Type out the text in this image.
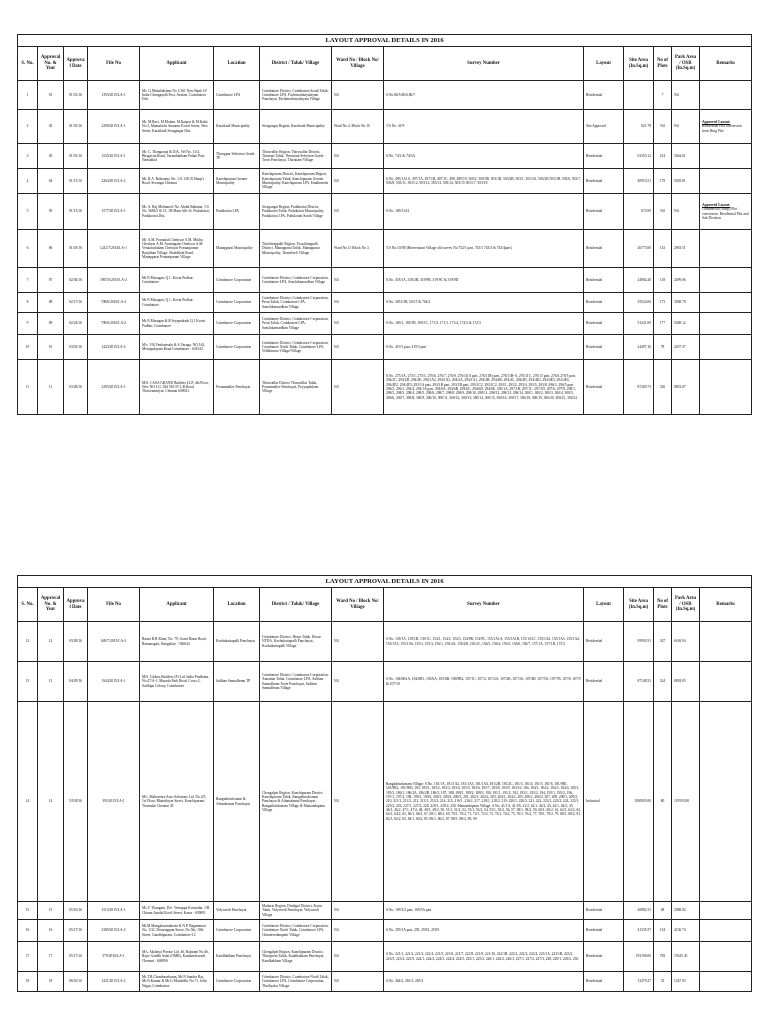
LAYOUT APPROVAL DETAILS IN 2016													
S. No.	Approval No. & Year	Approval Date	File No	Applicant	Location	District / Taluk/ Village	Ward No / Block No/ Village	Survey Number	Layout	Site Area (In.Sq.m)	No of Plots	Park Area / OSR (In.Sq.m)	Remarks
1	01	01/01/16	1393/2015/LA-1	Ms. G.Mahalakshmi No 1/161 New Bank Of India Chengapalli Post, Avinasi, Coimbatore Dist.	Coimbatore LPA	Coimbatore District, Coimbatore South Taluk, Coimbatore LPA, Pachimuthiayalayam Panchayat, Pachimuthiayalayam Village	Nil	S.No.86/5,86/6,86/7	Residential		7	Nil	

2	02	01/01/16	2299/2015/LA-1	Mr. M.Ravi, M.Mohan, M.Kaspar & M.Kalai No 2, Mamalachi Annanur Koval Street, New Street, Karaikudi Sivagangai Dist.	Karaikudi Municipality	Sivagangai Region, Karaikudi Municipality	Ward No.4, Block No.10	T.S No. 41/9	Site Approval	921.78	Nil	Nil	Approved Layout:
Residential Plot conversion from Ring Plot

3	03	01/01/16	1525/2015/LA-1	Mr. C. Thangaraja & D.K. Vel No. 11/4, Bhagavan Road, Varambakkam Palani Post, Namakkal	Thiruppur Selection Grade TP	Thiruvallur Region, Thiruvallur District, Tiruttani Taluk, Thiruttani Selection Grade Town Panchayat, Thiruttani Village	Nil	S.No. 74/2 & 74/3A	Residential	63355.12	214	5464.61	

4	04	01/13/16	2264/2015/LA-2	Mr. R.A. Balusamy No. 1/A 138, B.Sharp's Road, Sivangai Chennai	Kanchipuram Greater Municipality	Kanchipuram District, Kanchipuram Region, Kanchipuram Taluk, Kanchipuram Greater Municipality, Kanchipuram LPA, Enathimedu Village	Nil	S.No. 495/1A1A, 497/1A, 497/1B, 497/1C, 498, 499/19, 500/2, 500/3B, 503/1B, 503/2B, 503/1, 503/2A, 503/2B 503/3B, 503/6, 503/7, 503/8, 503/11, 503/12, 503/12, 503/13, 503/14, 503/15 503/17, 503/18	Residential	40953.51	179	5029.81	

5	05	01/13/16	1577/2015/LA-1	Mr. A. Raj Mohamed, No. Abdul Rahman, T.S No. 3684/3 & 13, 1B Main Alle St. Pudukottai, Pudukottai Dist.	Pudukottai LPA	Sivagangai Region, Pudukottai District, Pudukottai Taluk, Pudukottai Municipality, Pudukottai LPA, Pudukottai South Village	Nil	S.No. 109/11A2	Residential	672.00	Nil	Nil	Approved Layout:
Commercial (Shop) Plot conversion. Residential Plot and Sub Division

6	06	01/18/16	1241/7/2014/LA-1	Mr. A.M. Ponnaiah Chettiyar A.M. Muthu Chettiyar A.M. Arumugam Chettiyar A.M. Venkatachalam Chettiyar Ponnaipuram Ranjithan Village, Shoddikad Road, Manapparai Ponnaipuram Village	Manapparai Municipality	Tiruchirappalli Region, Tiruchirappalli District, Manapparai Taluk, Manapparai Municipality, Tirunelveli Village	Ward No.11 Block No.3	T.S No.10/5B (Reservation Village old survey No.752/1 part, 743/1 743/3 & 743/4part)	Residential	26773.00	133	2903.51	

7	07	02/04/16	1867/6/2015/LA-2	Mr.N.Murugan, Q.1. Kovai Pudhur, Coimbatore	Coimbatore Corporation	Coimbatore District, Coimbatore Corporation, Coimbatore LPA, Sanchikamardhan Village	Nil	S.No. 318/1A, 318/2B, 319/9B, 319/9C & 319/9D	Residential	24964.20	118	2499.06	

8	08	02/17/16	708/6/2016/LA-2	Mr.N.Murugan, Q.1. Kovai Pudhur, Coimbatore	Coimbatore Corporation	Coimbatore District, Coimbatore Corporation, Perur Taluk, Coimbatore LPA, Sanchikamardhan Village	Nil	S.No. 3051/3B, 50/15 & 704/2	Residential	35524.00	173	3508.78	

9	09	02/24/16	708/6/2016/LA-2	Mr.N.Murugan & R.Jeyaprakash Q.1 Kovai Pudhur, Coimbatore	Coimbatore Corporation	Coimbatore District, Coimbatore Corporation, Perur Taluk, Coimbatore LPA, Sanchikamardhan Village	Nil	S.No. 169/1, 169/1B, 169/1C, 171/3, 171/1, 171/4, 172/2 & 172/3	Residential	51241.00	177	5268.12	

10	10	03/01/16	1423/2015/LA-2	M/s. V.R.Venkatesalu & S.Vasuga, NO.162, Mettupalayam Road Coimbatore - 641043	Coimbatore Corporation	Coimbatore District, Coimbatore Corporation, Coimbatore North Taluk, Coimbatore LPA, Vellakinaru Village/Village	Nil	S.No. 419/1 part, 419/3 part	Residential	24497.16	78	2457.57	

11	11	03/28/16	2293/2015/LA-1	M/S. CASA GRAND Builders LLP, 4th Floor, New NO.111, Old NO.55 L.B.Road, Thiruvanmiyur, Chennai 600041	Poonamallee Panchayat	Thiruvallur District Thiruvallur Taluk, Poonamallee Panchayat, Poyyapakkam Village	Nil	S.No. 275/1A, 275/1, 275/5, 276/6, 276/7, 276/8, 276/11(A part, 276/11B) part, 276/11B-A, 276/11C, 276/13 part, 276/4 276/5 part, 294/2C, 294/2D, 294/2E, 294/1A2, 294/1A3, 294/2A, 294/1A1, 294/2B, 294/4B, 294/4C, 294/4D, 294/4E2, 294/4E3, 294/4F4, 294/4F2, 294/4F3, 293/1A part, 293/1B part, 293/1B part, 293/1C2, 293/1C2, 293/1, 293/2, 293/4, 293/5, 293/8, 296/3, 296/5 part 296/2, 296/1, 294/4, 294/1A part, 294/6A, 294/6B, 294/6C, 294/6D, 294/6E, 295/1A, 297/1B, 297/1C, 297/1D, 297/6, 297/8, 298/1, 298/2, 298/3, 298/4, 298/5, 298/6, 298/7, 298/8, 298/9, 298/10, 298/11, 298/12, 298/13, 298/14, 300/1, 300/2, 300/3, 300/4, 300/5, 300/6, 300/7, 300/8, 300/9, 300/10, 300/11, 300/12, 300/13, 300/14, 300/15, 300/16, 300/17, 300/18, 300/19, 300/20, 300/21, 300/22	Residential	87209.73	326	8853.07	
LAYOUT APPROVAL DETAILS IN 2016													
S. No.	Approval No. & Year	Approval Date	File No	Applicant	Location	District / Taluk/ Village	Ward No / Block No/ Village	Survey Number	Layout	Site Area (In.Sq.m)	No of Plots	Park Area / OSR (In.Sq.m)	Remarks
12	12	03/28/16	649/7/2015/LA-2	Ranea R.R.Khan, No. 79, Grant Bazar Road, Ramanagari, Bangalore - 560044	Kozhukattupalli Panchayat	Coimbatore District, Hosur Taluk, Hosur NTDA, Kozhukattupalli Panchayat, Kozhukattupalli Village	Nil	S.No. 139/1A, 139/1B, 139/1C, 154/1, 154/2, 154/3, 154/9B, 154/9C, 155/1A1A, 155/1A1B, 155/1A1C, 155/1A2, 155/1A3, 155/1A4, 155/1A5, 155/1A6, 155/2, 155/3, 156/1, 156/2A, 156/2B, 156/2C, 156/3, 156/4, 156/5, 156/6, 156/7, 157/1A, 157/1B, 157/2	Residential	95992.91	347	6169.94	

13	13	04/29/16	1944/2015/LA-1	M/S. Globus Builders (P) Ltd. India Pradhana, No.47/A-1, Muruda Park Road, Cross-2, Sulthipu Colony, Coimbatore	Sulthan Samudhram TP	Coimbatore District, Coimbatore Corporation, Annamar Taluk, Coimbatore LPA, Sulthan Samudhram Town Panchayat, Sulthan Samudhram Village	Nil	S.No. 104/6B1A, 104/6B1, 105/6A, 105/6B, 106/9B2, 107/1C, 107/2, 107/2A, 107/2B, 107/3A, 107/4B, 107/5A, 107/7B, 107/8, 107/9 & 107/10	Residential	87148.52	324	8818.05	

14	14	5/9/2016	393/2015/LA-1	M/s. Mahaveera Auto Solutions Ltd. No.4/5, 1st Floor, Bharathiyar Street, Kanchipuram, Tirumalai Chennai 45	Ranguthirukonam & Athanalamai Panchayat	Chengalpet Region, Kanchipuram District Kanchipuram Taluk, Rangathirukonam Panchayat & Athanalamai Panchayat, Rangathirukonam Village & Mamandapattu Village	Nil	Rangathirukonam Village: S.No. 181/1A, 181/1A2, 181/1A3, 181/1A4, 181/2B, 181/2C, 181/3, 181/4, 181/5, 181/6, 181/9B1, 181/9B2, 181/9B3, 183, 183/1, 183/2, 183/3, 183/4, 183/5, 183/6, 183/7, 183/8, 183/9, 183/10, 184, 184/1, 184/2, 184/3, 184/4, 185/1, 185/2, 186/1, 186/2A, 186/2B, 186/3, 187, 188, 189/1, 189/2, 189/3, 190, 191/1, 191/2, 192, 193/1, 193/2, 194, 195/1, 195/2, 196, 197/1, 197/2, 198, 199/1, 199/2, 200/1, 200/2, 200/3, 201, 202/1, 202/2, 203, 204/1, 204/2, 205, 206/1, 206/2, 207, 208, 209/1, 209/2, 210, 211/1, 211/2, 212, 213/1, 213/2, 214, 215, 216/1, 216/2, 217, 218/1, 218/2, 219, 220/1, 220/2, 221, 222, 223/1, 223/2, 224, 225/1, 225/2, 226, 227/1, 227/2, 228, 229/1, 229/2, 230. Mamandapattu Village: S.No. 41/1A, 41/1B, 41/2, 42/1, 42/2, 43, 44/1, 44/2, 45, 46/1, 46/2, 47/1, 47/2, 48, 49/1, 49/2, 50, 51/1, 51/2, 52, 53/1, 53/2, 54, 55/1, 55/2, 56, 57, 58/1, 58/2, 59, 60/1, 60/2, 61, 62/1, 62/2, 63, 64/1, 64/2, 65, 66/1, 66/2, 67, 68/1, 68/2, 69, 70/1, 70/2, 71, 72/1, 72/2, 73, 74/1, 74/2, 75, 76/1, 76/2, 77, 78/1, 78/2, 79, 80/1, 80/2, 81, 82/1, 82/2, 83, 84/1, 84/2, 85, 86/1, 86/2, 87, 88/1, 88/2, 89, 90	Industrial	1180905.00	80	119593.00	

15	15	05/16/16	1513/2015/LA-1	Ms.V. Thangam, D/o. Veerappa Kovundar, 1/B, Chinna Aandal Kovil Street, Karur - 639001	Vidyavedi Panchayat	Madurai Region, Dindigul District, Karur Taluk, Vidyavedi Panchayat, Vidyavedi Village	Nil	S.No. 109/3/2 part, 109/5A part	Residential	20882.53	48	2088.82	

16	16	05/17/16	2389/2015/LA-2	Mr.M.Mangalasundaram & N.P. Bagammon No. 1/32, Desariappan Street, No.5th, 10th Street, Gandhipuram, Coimbatore-12	Coimbatore Corporation	Coimbatore District, Coimbatore Corporation, Coimbatore North Taluk, Coimbatore LPA, Chinnavedampatti Village	Nil	S.No. 259/1A part, 259, 259/2, 259/3	Residential	41335.57	154	4136.74	

17	17	05/17/16	579/2016/LA-1	M/s. Akshaya Private Ltd. 46, Rajaram No.46, Rajiv Gandhi Salai (OMR), Kandanchavadi, Chennai - 600096	Kandhakkam Panchayat	Chengalpet Region, Kanchipuram District, Thiruporur Taluk, Kandhakkam Panchayat, Kandhakkam Village	Nil	S.No. 221/1, 221/2, 221/3, 221/4, 221/5, 221/6, 221/7, 221/8, 221/9, 221/10, 222/1B, 222/2, 222/3, 222/4, 223/1A, 223/1B, 223/2, 223/3, 223/4, 223/5, 224/1, 224/2, 224/3, 224/4, 224/5, 225/1, 225/2, 226/1, 226/2, 226/3, 227/1, 227/2, 227/3, 228, 229/1, 229/2, 230	Residential	193196.00	783	19345.45	

18	18	06/10/16	1431/2015/LA-2	Mr.T.R.Chandrasekaran, Mr.N.Sundar Raj, Mr.N.Kumar & Mr.G.Muralidhr No.71, Jothi Nagar, Coimbatore	Coimbatore Corporation	Coimbatore District, Coimbatore North Taluk, Coimbatore LPA, Coimbatore Corporation, Thudiyalur Village	Nil	S.No. 264/2, 265/1, 265/2	Residential	13479.27	35	1347.93	
